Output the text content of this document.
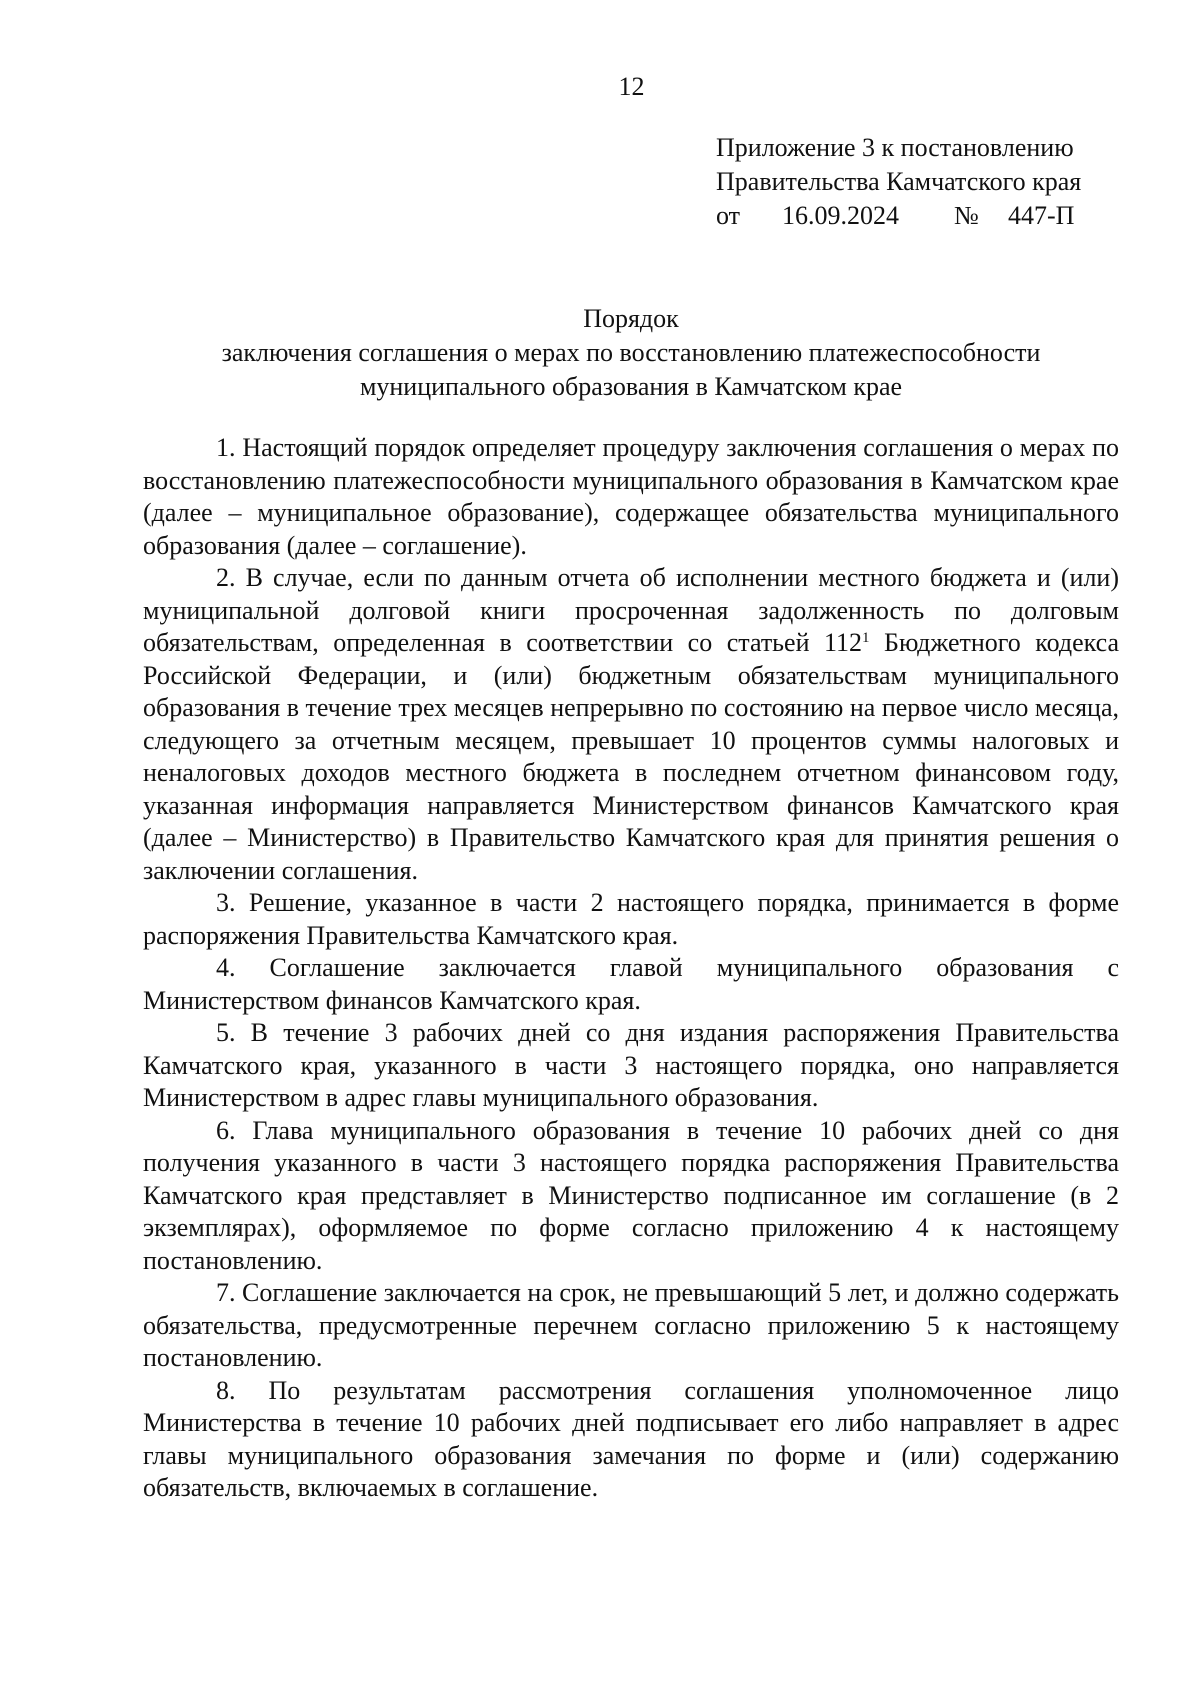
12
Приложение 3 к постановлению
Правительства Камчатского края
от	16.09.2024	№	447-П
Порядок
заключения соглашения о мерах по восстановлению платежеспособности
муниципального образования в Камчатском крае

1. Настоящий порядок определяет процедуру заключения соглашения о мерах по восстановлению платежеспособности муниципального образования в Камчатском крае (далее – муниципальное образование), содержащее обязательства муниципального образования (далее – соглашение).

2. В случае, если по данным отчета об исполнении местного бюджета и (или) муниципальной долговой книги просроченная задолженность по долговым обязательствам, определенная в соответствии со статьей $112^1$ Бюджетного кодекса Российской Федерации, и (или) бюджетным обязательствам муниципального образования в течение трех месяцев непрерывно по состоянию на первое число месяца, следующего за отчетным месяцем, превышает 10 процентов суммы налоговых и неналоговых доходов местного бюджета в последнем отчетном финансовом году, указанная информация направляется Министерством финансов Камчатского края (далее – Министерство) в Правительство Камчатского края для принятия решения о заключении соглашения.

3. Решение, указанное в части 2 настоящего порядка, принимается в форме распоряжения Правительства Камчатского края.

4. Соглашение заключается главой муниципального образования с Министерством финансов Камчатского края.

5. В течение 3 рабочих дней со дня издания распоряжения Правительства Камчатского края, указанного в части 3 настоящего порядка, оно направляется Министерством в адрес главы муниципального образования.

6. Глава муниципального образования в течение 10 рабочих дней со дня получения указанного в части 3 настоящего порядка распоряжения Правительства Камчатского края представляет в Министерство подписанное им соглашение (в 2 экземплярах), оформляемое по форме согласно приложению 4 к настоящему постановлению.

7. Соглашение заключается на срок, не превышающий 5 лет, и должно содержать обязательства, предусмотренные перечнем согласно приложению 5 к настоящему постановлению.

8. По результатам рассмотрения соглашения уполномоченное лицо Министерства в течение 10 рабочих дней подписывает его либо направляет в адрес главы муниципального образования замечания по форме и (или) содержанию обязательств, включаемых в соглашение.
